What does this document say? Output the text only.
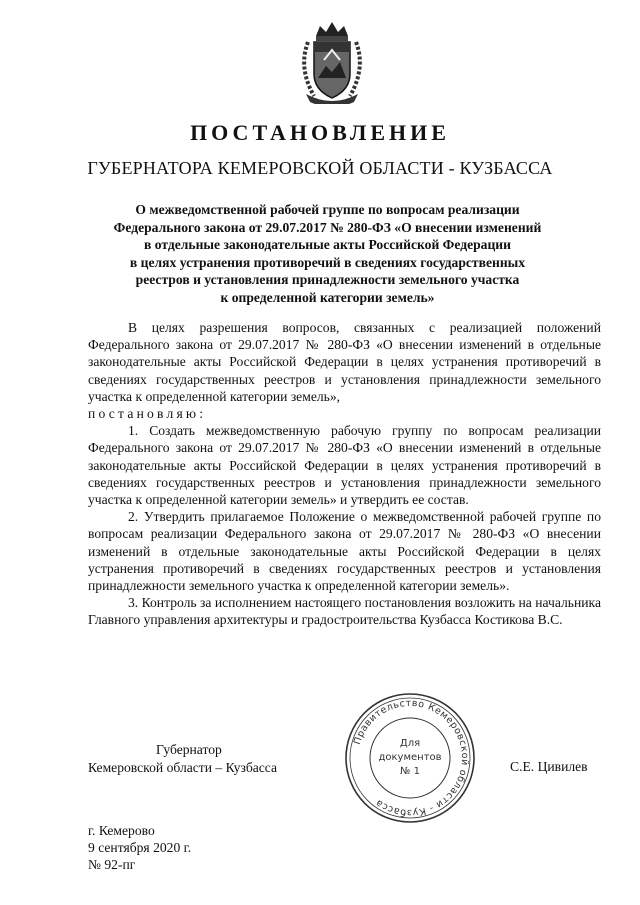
ПОСТАНОВЛЕНИЕ
ГУБЕРНАТОРА КЕМЕРОВСКОЙ ОБЛАСТИ - КУЗБАССА
О межведомственной рабочей группе по вопросам реализации
Федерального закона от 29.07.2017 № 280-ФЗ «О внесении изменений
в отдельные законодательные акты Российской Федерации
в целях устранения противоречий в сведениях государственных
реестров и установления принадлежности земельного участка
к определенной категории земель»

В целях разрешения вопросов, связанных с реализацией положений Федерального закона от 29.07.2017 № 280-ФЗ «О внесении изменений в отдельные законодательные акты Российской Федерации в целях устранения противоречий в сведениях государственных реестров и установления принадлежности земельного участка к определенной категории земель»,

постановляю:

1. Создать межведомственную рабочую группу по вопросам реализации Федерального закона от 29.07.2017 № 280-ФЗ «О внесении изменений в отдельные законодательные акты Российской Федерации в целях устранения противоречий в сведениях государственных реестров и установления принадлежности земельного участка к определенной категории земель» и утвердить ее состав.

2. Утвердить прилагаемое Положение о межведомственной рабочей группе по вопросам реализации Федерального закона от 29.07.2017 № 280-ФЗ «О внесении изменений в отдельные законодательные акты Российской Федерации в целях устранения противоречий в сведениях государственных реестров и установления принадлежности земельного участка к определенной категории земель».

3. Контроль за исполнением настоящего постановления возложить на начальника Главного управления архитектуры и градостроительства Кузбасса Костикова В.С.

Губернатор
Кемеровской области – Кузбасса
Правительство Кемеровской области - Кузбасса
Для
документов
№ 1	С.Е. Цивилев
г. Кемерово
9 сентября 2020 г.
№ 92-пг
